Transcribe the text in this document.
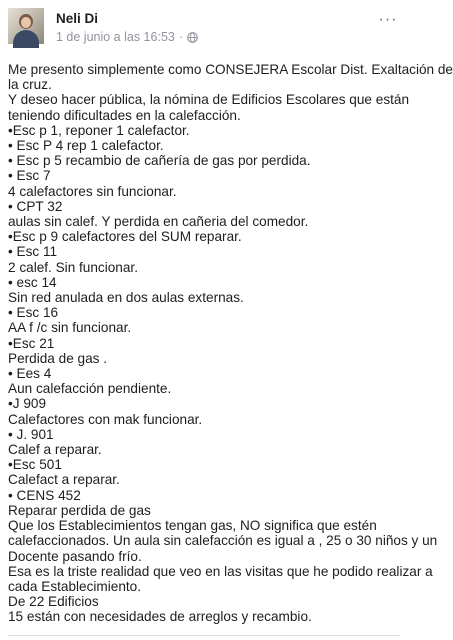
Neli Di
1 de junio a las 16:53 ·
···
Me presento simplemente como CONSEJERA Escolar Dist. Exaltación de
la cruz.
Y deseo hacer pública, la nómina de Edificios Escolares que están
teniendo dificultades en la calefacción.
•Esc p 1, reponer 1 calefactor.
• Esc P 4 rep 1 calefactor.
• Esc p 5 recambio de cañería de gas por perdida.
• Esc 7
4 calefactores sin funcionar.
• CPT 32
aulas sin calef. Y perdida en cañeria del comedor.
•Esc p 9 calefactores del SUM reparar.
• Esc 11
2 calef. Sin funcionar.
• esc 14
Sin red anulada en dos aulas externas.
• Esc 16
AA f /c sin funcionar.
•Esc 21
Perdida de gas .
• Ees 4
Aun calefacción pendiente.
•J 909
Calefactores con mak funcionar.
• J. 901
Calef a reparar.
•Esc 501
Calefact a reparar.
• CENS 452
Reparar perdida de gas
Que los Establecimientos tengan gas, NO significa que estén
calefaccionados. Un aula sin calefacción es igual a , 25 o 30 niños y un
Docente pasando frío.
Esa es la triste realidad que veo en las visitas que he podido realizar a
cada Establecimiento.
De 22 Edificios
15 están con necesidades de arreglos y recambio.
